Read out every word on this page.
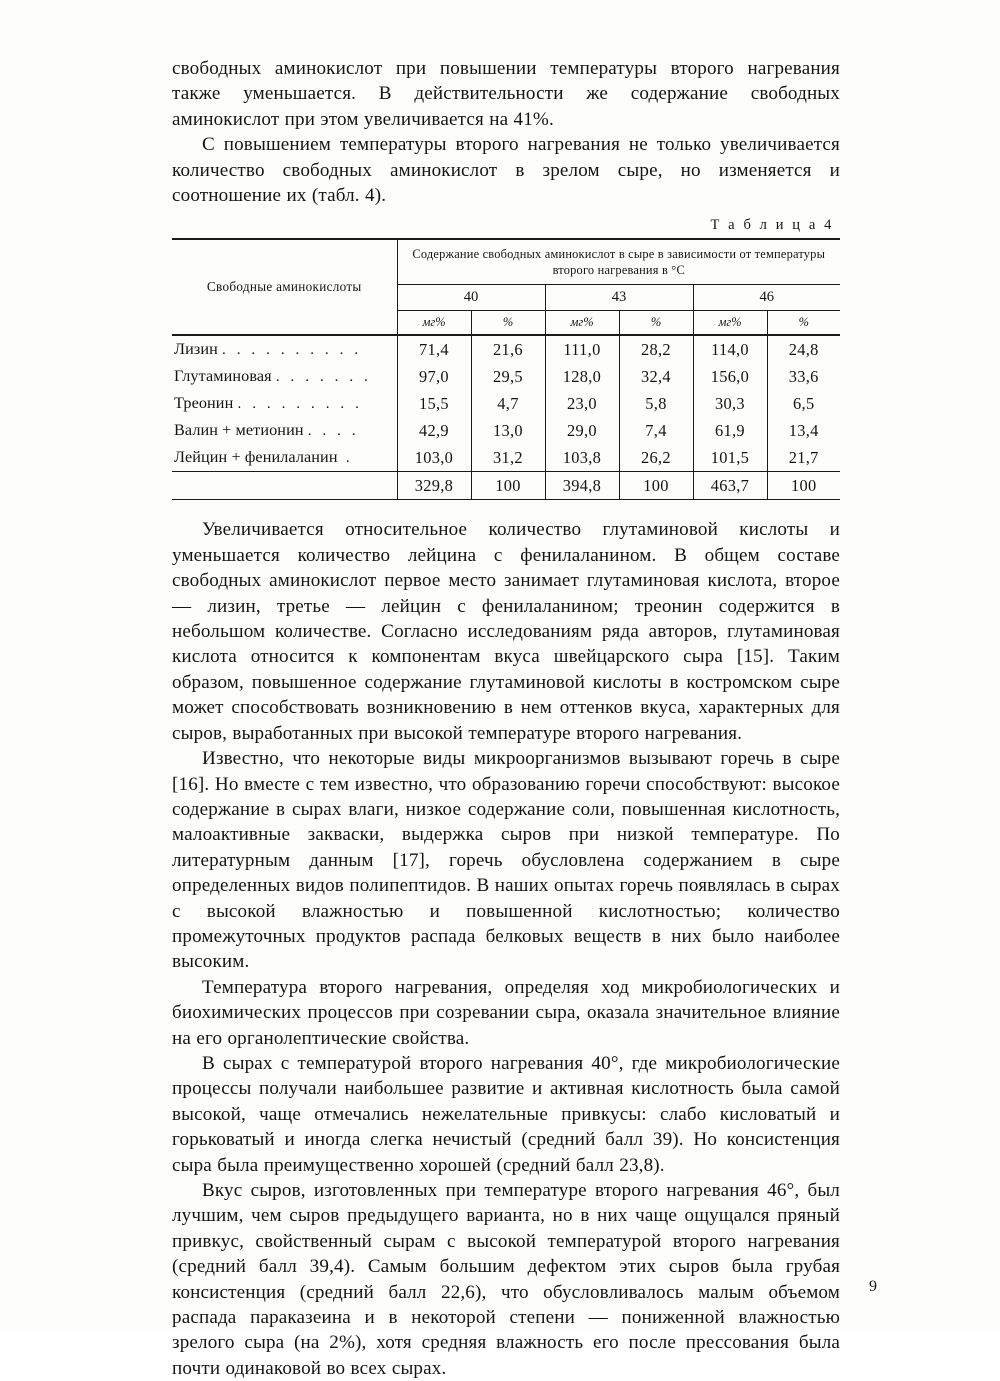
свободных аминокислот при повышении температуры второго нагревания также уменьшается. В действительности же содержание свободных аминокислот при этом увеличивается на 41%.

С повышением температуры второго нагревания не только увеличивается количество свободных аминокислот в зрелом сыре, но изменяется и соотношение их (табл. 4).

Т а б л и ц а 4

Свободные аминокислоты	Содержание свободных аминокислот в сыре в зависимости от температуры второго нагревания в °С					
	40		43		46	
	мг%	%	мг%	%	мг%	%
Лизин . . . . . . . . . .	71,4	21,6	111,0	28,2	114,0	24,8
Глутаминовая . . . . . . .	97,0	29,5	128,0	32,4	156,0	33,6
Треонин . . . . . . . . .	15,5	4,7	23,0	5,8	30,3	6,5
Валин + метионин . . . .	42,9	13,0	29,0	7,4	61,9	13,4
Лейцин + фенилаланин .	103,0	31,2	103,8	26,2	101,5	21,7
	329,8	100	394,8	100	463,7	100

Увеличивается относительное количество глутаминовой кислоты и уменьшается количество лейцина с фенилаланином. В общем составе свободных аминокислот первое место занимает глутаминовая кислота, второе — лизин, третье — лейцин с фенилаланином; треонин содержится в небольшом количестве. Согласно исследованиям ряда авторов, глутаминовая кислота относится к компонентам вкуса швейцарского сыра [15]. Таким образом, повышенное содержание глутаминовой кислоты в костромском сыре может способствовать возникновению в нем оттенков вкуса, характерных для сыров, выработанных при высокой температуре второго нагревания.

Известно, что некоторые виды микроорганизмов вызывают горечь в сыре [16]. Но вместе с тем известно, что образованию горечи способствуют: высокое содержание в сырах влаги, низкое содержание соли, повышенная кислотность, малоактивные закваски, выдержка сыров при низкой температуре. По литературным данным [17], горечь обусловлена содержанием в сыре определенных видов полипептидов. В наших опытах горечь появлялась в сырах с высокой влажностью и повышенной кислотностью; количество промежуточных продуктов распада белковых веществ в них было наиболее высоким.

Температура второго нагревания, определяя ход микробиологических и биохимических процессов при созревании сыра, оказала значительное влияние на его органолептические свойства.

В сырах с температурой второго нагревания 40°, где микробиологические процессы получали наибольшее развитие и активная кислотность была самой высокой, чаще отмечались нежелательные привкусы: слабо кисловатый и горьковатый и иногда слегка нечистый (средний балл 39). Но консистенция сыра была преимущественно хорошей (средний балл 23,8).

Вкус сыров, изготовленных при температуре второго нагревания 46°, был лучшим, чем сыров предыдущего варианта, но в них чаще ощущался пряный привкус, свойственный сырам с высокой температурой второго нагревания (средний балл 39,4). Самым большим дефектом этих сыров была грубая консистенция (средний балл 22,6), что обусловливалось малым объемом распада параказеина и в некоторой степени — пониженной влажностью зрелого сыра (на 2%), хотя средняя влажность его после прессования была почти одинаковой во всех сырах.

9
